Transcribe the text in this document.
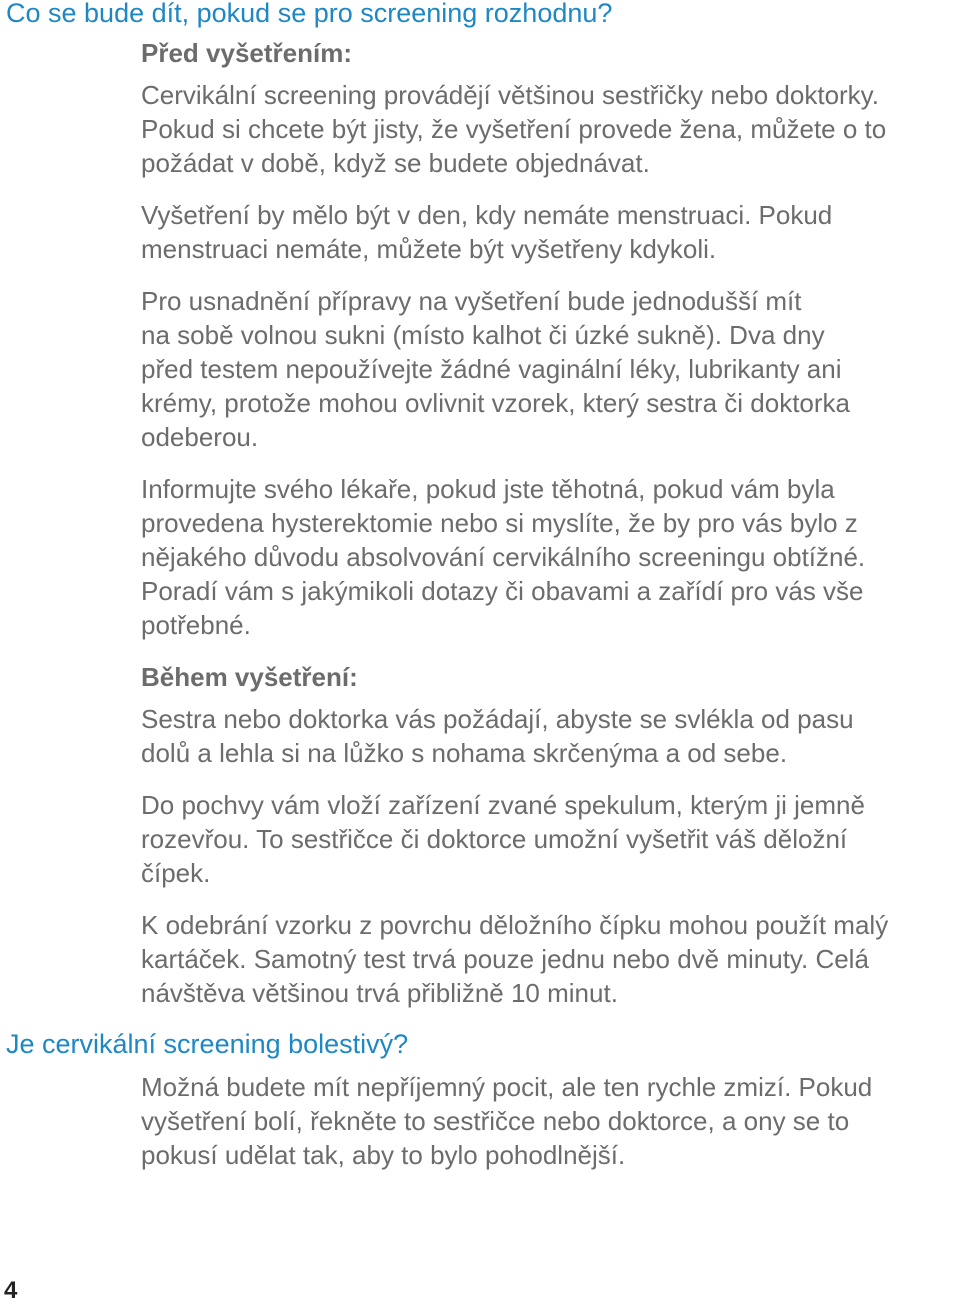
Co se bude dít, pokud se pro screening rozhodnu?
Před vyšetřením:

Cervikální screening provádějí většinou sestřičky nebo doktorky.
Pokud si chcete být jisty, že vyšetření provede žena, můžete o to
požádat v době, když se budete objednávat.

Vyšetření by mělo být v den, kdy nemáte menstruaci. Pokud
menstruaci nemáte, můžete být vyšetřeny kdykoli.

Pro usnadnění přípravy na vyšetření bude jednodušší mít
na sobě volnou sukni (místo kalhot či úzké sukně). Dva dny
před testem nepoužívejte žádné vaginální léky, lubrikanty ani
krémy, protože mohou ovlivnit vzorek, který sestra či doktorka
odeberou.

Informujte svého lékaře, pokud jste těhotná, pokud vám byla
provedena hysterektomie nebo si myslíte, že by pro vás bylo z
nějakého důvodu absolvování cervikálního screeningu obtížné.
Poradí vám s jakýmikoli dotazy či obavami a zařídí pro vás vše
potřebné.

Během vyšetření:

Sestra nebo doktorka vás požádají, abyste se svlékla od pasu
dolů a lehla si na lůžko s nohama skrčenýma a od sebe.

Do pochvy vám vloží zařízení zvané spekulum, kterým ji jemně
rozevřou. To sestřičce či doktorce umožní vyšetřit váš děložní
čípek.

K odebrání vzorku z povrchu děložního čípku mohou použít malý
kartáček. Samotný test trvá pouze jednu nebo dvě minuty. Celá
návštěva většinou trvá přibližně 10 minut.

Je cervikální screening bolestivý?

Možná budete mít nepříjemný pocit, ale ten rychle zmizí. Pokud
vyšetření bolí, řekněte to sestřičce nebo doktorce, a ony se to
pokusí udělat tak, aby to bylo pohodlnější.

4
